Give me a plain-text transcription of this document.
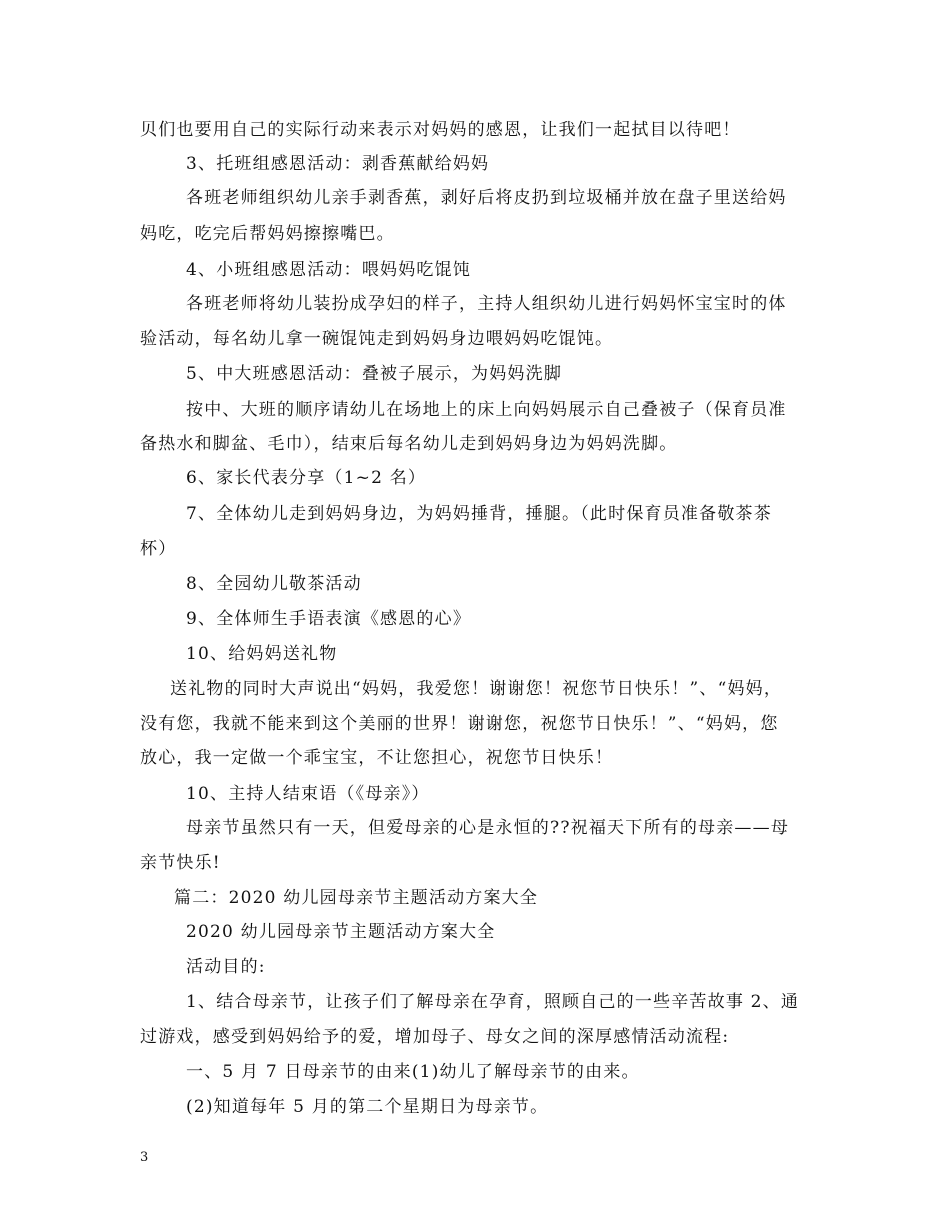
贝们也要用自己的实际行动来表示对妈妈的感恩，让我们一起拭目以待吧！
3、托班组感恩活动：剥香蕉献给妈妈
各班老师组织幼儿亲手剥香蕉，剥好后将皮扔到垃圾桶并放在盘子里送给妈
妈吃，吃完后帮妈妈擦擦嘴巴。
4、小班组感恩活动：喂妈妈吃馄饨
各班老师将幼儿装扮成孕妇的样子，主持人组织幼儿进行妈妈怀宝宝时的体
验活动，每名幼儿拿一碗馄饨走到妈妈身边喂妈妈吃馄饨。
5、中大班感恩活动：叠被子展示，为妈妈洗脚
按中、大班的顺序请幼儿在场地上的床上向妈妈展示自己叠被子（保育员准
备热水和脚盆、毛巾），结束后每名幼儿走到妈妈身边为妈妈洗脚。
6、家长代表分享（1~2 名）
7、全体幼儿走到妈妈身边，为妈妈捶背，捶腿。（此时保育员准备敬茶茶
杯）
8、全园幼儿敬茶活动
9、全体师生手语表演《感恩的心》
10、给妈妈送礼物
送礼物的同时大声说出“妈妈，我爱您！谢谢您！祝您节日快乐！”、“妈妈，
没有您，我就不能来到这个美丽的世界！谢谢您，祝您节日快乐！”、“妈妈，您
放心，我一定做一个乖宝宝，不让您担心，祝您节日快乐！
10、主持人结束语（《母亲》）
母亲节虽然只有一天，但爱母亲的心是永恒的??祝福天下所有的母亲——母
亲节快乐!
篇二：2020 幼儿园母亲节主题活动方案大全
2020 幼儿园母亲节主题活动方案大全
活动目的:
1、结合母亲节，让孩子们了解母亲在孕育，照顾自己的一些辛苦故事 2、通
过游戏，感受到妈妈给予的爱，增加母子、母女之间的深厚感情活动流程:
一、5 月 7 日母亲节的由来(1)幼儿了解母亲节的由来。
(2)知道每年 5 月的第二个星期日为母亲节。
3
